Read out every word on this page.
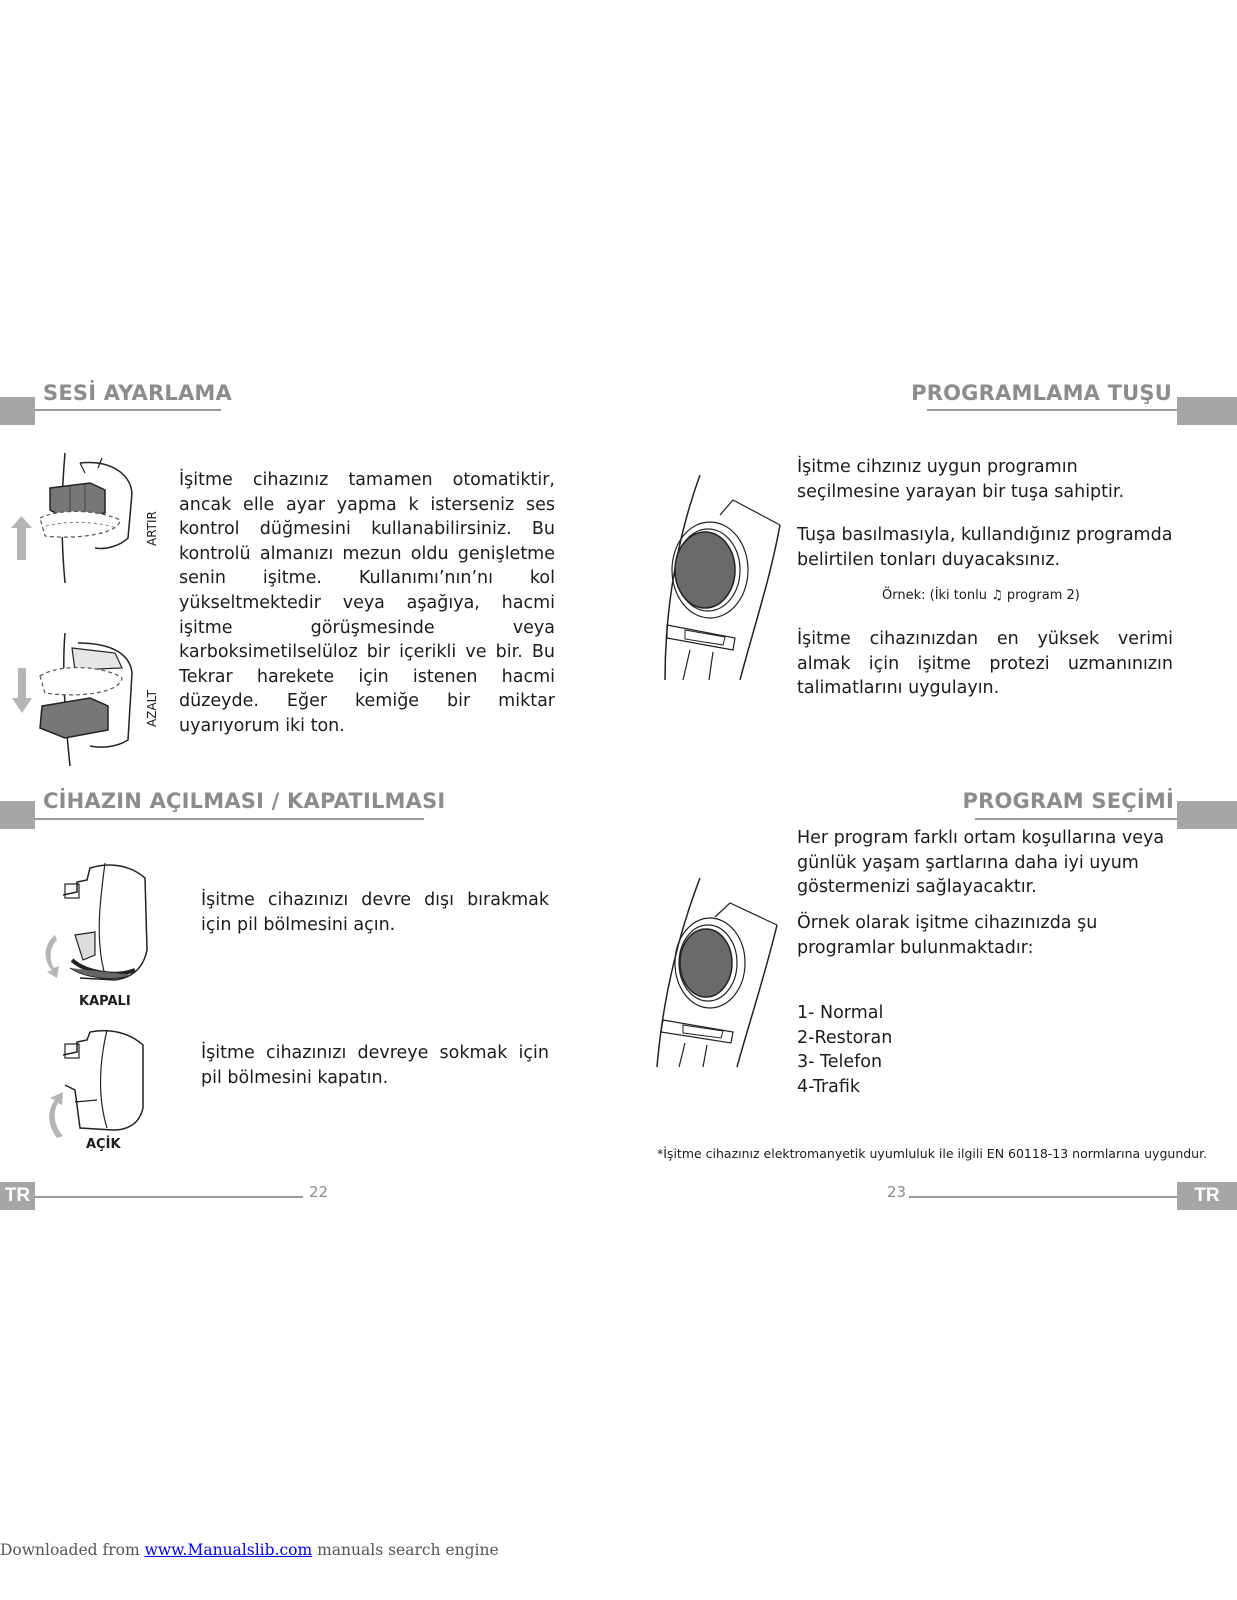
SESİ AYARLAMA
ARTIR
AZALT
İşitme cihazınız tamamen otomatiktir, ancak elle ayar yapma k isterseniz ses kontrol düğmesini kullanabilirsiniz. Bu kontrolü almanızı mezun oldu genişletme senin işitme. Kullanımı’nın’nı kol yükseltmektedir veya aşağıya, hacmi işitme görüşmesinde veya karboksimetilselüloz bir içerikli ve bir. Bu Tekrar harekete için istenen hacmi düzeyde. Eğer kemiğe bir miktar uyarıyorum iki ton.
CİHAZIN AÇILMASI / KAPATILMASI
KAPALI
İşitme cihazınızı devre dışı bırakmak için pil bölmesini açın.
AÇİK
İşitme cihazınızı devreye sokmak için pil bölmesini kapatın.
TR	22
PROGRAMLAMA TUŞU
İşitme cihzınız uygun programın seçilmesine yarayan bir tuşa sahiptir.
Tuşa basılmasıyla, kullandığınız programda belirtilen tonları duyacaksınız.
Örnek: (İki tonlu ♫ program 2)
İşitme cihazınızdan en yüksek verimi almak için işitme protezi uzmanınızın talimatlarını uygulayın.
PROGRAM SEÇİMİ
Her program farklı ortam koşullarına veya günlük yaşam şartlarına daha iyi uyum göstermenizi sağlayacaktır.
Örnek olarak işitme cihazınızda şu programlar bulunmaktadır:
1- Normal
2-Restoran
3- Telefon
4-Trafik
*İşitme cihazınız elektromanyetik uyumluluk ile ilgili EN 60118-13 normlarına uygundur.
23	TR
Downloaded from www.Manualslib.com manuals search engine
